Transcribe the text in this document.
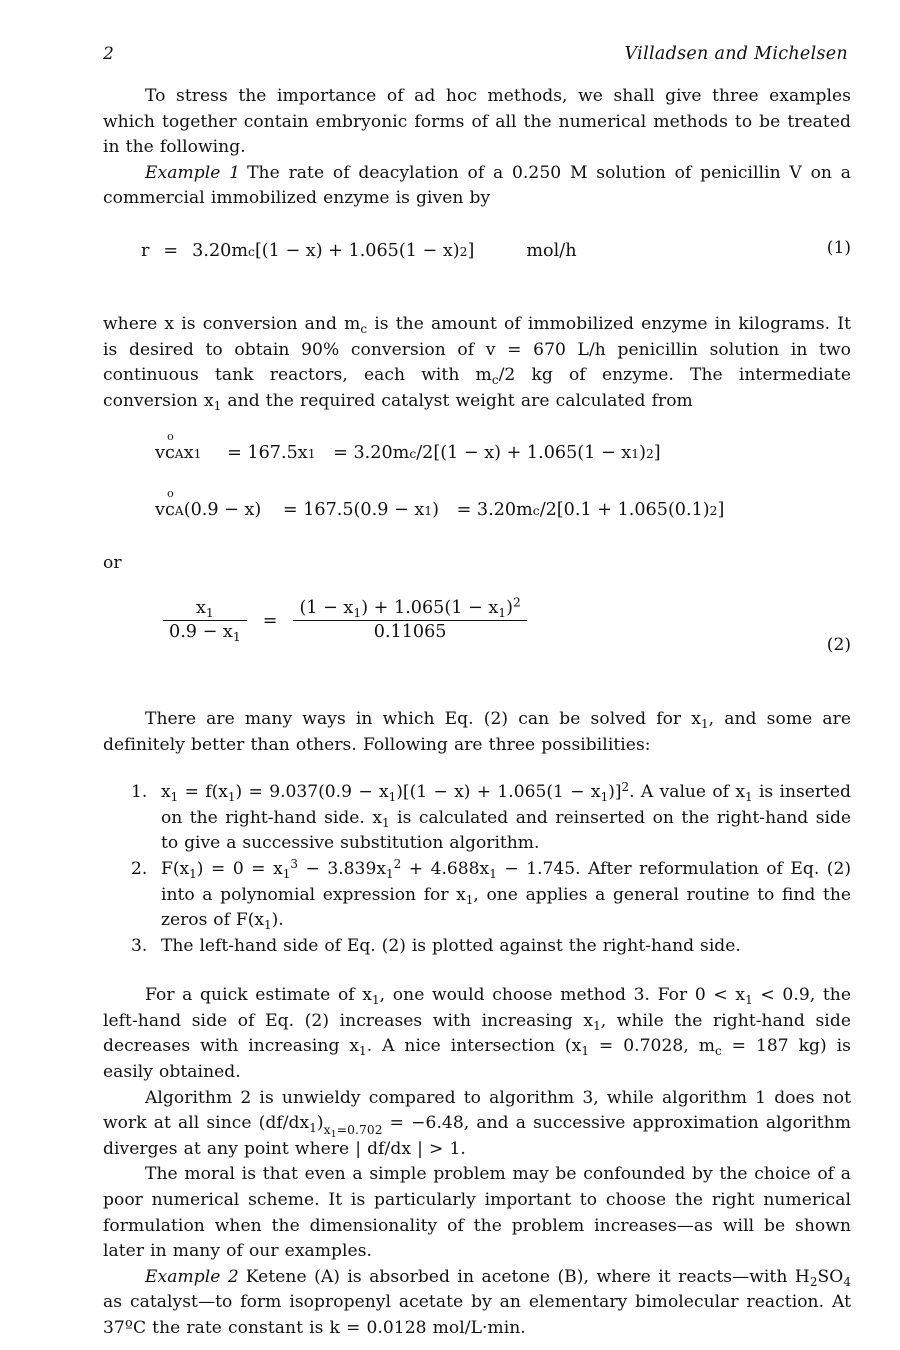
2	Villadsen and Michelsen

To stress the importance of ad hoc methods, we shall give three examples which together contain embryonic forms of all the numerical methods to be treated in the following.

Example 1 The rate of deacylation of a 0.250 M solution of penicillin V on a commercial immobilized enzyme is given by

r = 3.20m c [(1 − x) + 1.065(1 − x) 2 ]	mol/h	(1)

where x is conversion and $m_c$ is the amount of immobilized enzyme in kilograms. It is desired to obtain 90% conversion of v = 670 L/h penicillin solution in two continuous tank reactors, each with $m_c/2$ kg of enzyme. The intermediate conversion $x_1$ and the required catalyst weight are calculated from

vc
o
A x 1
= 167.5x 1
= 3.20m c /2[(1 − x) + 1.065(1 − x 1 ) 2 ]
vc
o
A (0.9 − x)
= 167.5(0.9 − x 1 )
= 3.20m c /2[0.1 + 1.065(0.1) 2 ]

or

$\frac{x_1}{0.9 - x_1} = \frac{(1 - x_1) + 1.065(1 - x_1)^2}{0.11065}$
(2)

There are many ways in which Eq. (2) can be solved for $x_1$, and some are definitely better than others. Following are three possibilities:

1. $x_1 = f(x_1) = 9.037(0.9 - x_1)[(1 - x) + 1.065(1 - x_1)]^2$. A value of $x_1$ is inserted on the right-hand side. $x_1$ is calculated and reinserted on the right-hand side to give a successive substitution algorithm.
2. $F(x_1) = 0 = x_1^3 - 3.839x_1^2 + 4.688x_1 - 1.745$. After reformulation of Eq. (2) into a polynomial expression for $x_1$, one applies a general routine to find the zeros of $F(x_1)$.
3. The left-hand side of Eq. (2) is plotted against the right-hand side.

For a quick estimate of $x_1$, one would choose method 3. For $0 < x_1 < 0.9$, the left-hand side of Eq. (2) increases with increasing $x_1$, while the right-hand side decreases with increasing $x_1$. A nice intersection ($x_1 = 0.7028$, $m_c = 187$ kg) is easily obtained.

Algorithm 2 is unwieldy compared to algorithm 3, while algorithm 1 does not work at all since $(df/dx_1)_{x_1=0.702} = -6.48$, and a successive approximation algorithm diverges at any point where | df/dx | > 1.

The moral is that even a simple problem may be confounded by the choice of a poor numerical scheme. It is particularly important to choose the right numerical formulation when the dimensionality of the problem increases—as will be shown later in many of our examples.

Example 2 Ketene (A) is absorbed in acetone (B), where it reacts—with $H_2SO_4$ as catalyst—to form isopropenyl acetate by an elementary bimolecular reaction. At 37ºC the rate constant is k = 0.0128 mol/L·min.
